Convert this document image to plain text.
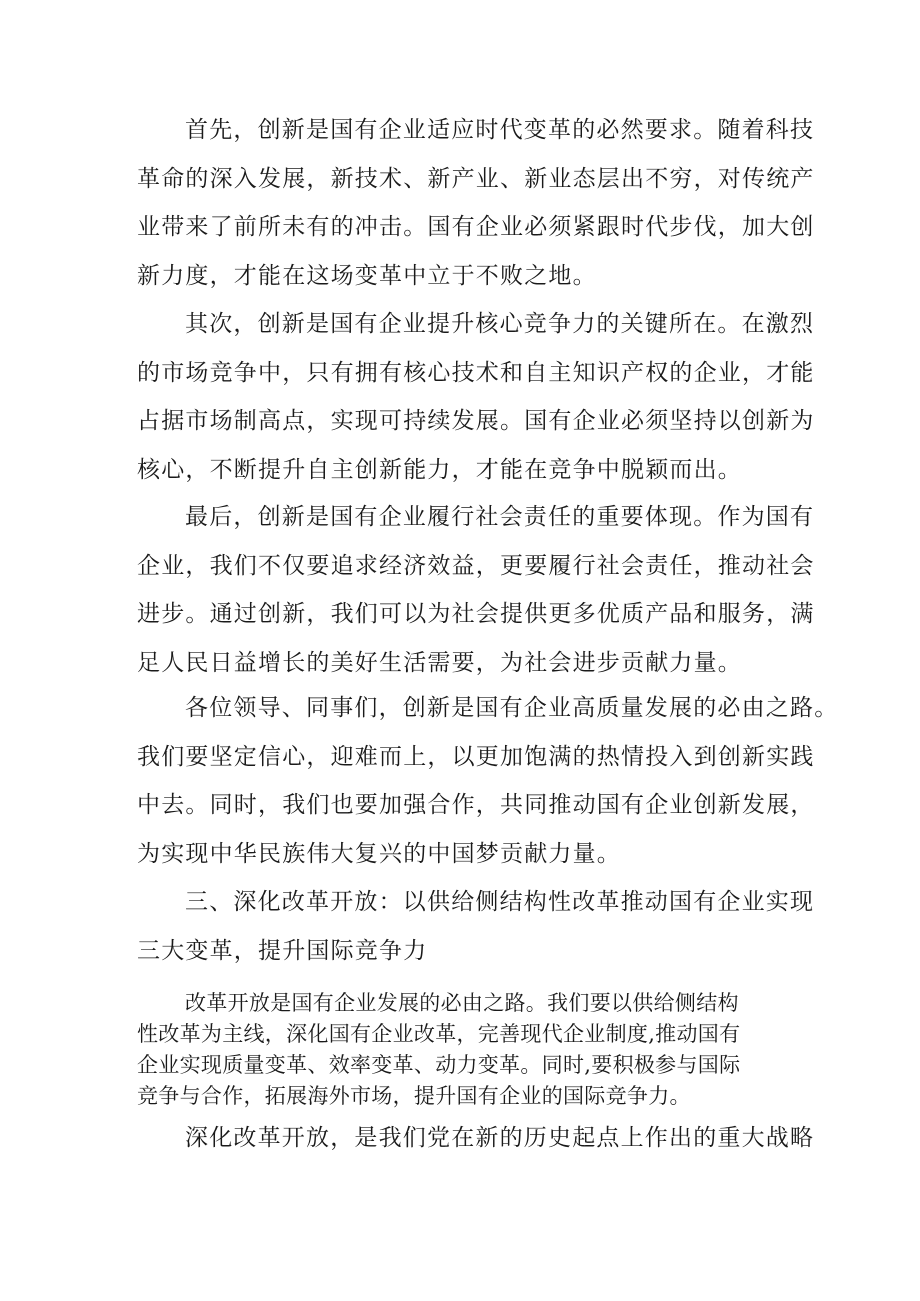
首先，创新是国有企业适应时代变革的必然要求。随着科技
革命的深入发展，新技术、新产业、新业态层出不穷，对传统产
业带来了前所未有的冲击。国有企业必须紧跟时代步伐，加大创
新力度，才能在这场变革中立于不败之地。

其次，创新是国有企业提升核心竞争力的关键所在。在激烈
的市场竞争中，只有拥有核心技术和自主知识产权的企业，才能
占据市场制高点，实现可持续发展。国有企业必须坚持以创新为
核心，不断提升自主创新能力，才能在竞争中脱颖而出。

最后，创新是国有企业履行社会责任的重要体现。作为国有
企业，我们不仅要追求经济效益，更要履行社会责任，推动社会
进步。通过创新，我们可以为社会提供更多优质产品和服务，满
足人民日益增长的美好生活需要，为社会进步贡献力量。

各位领导、同事们，创新是国有企业高质量发展的必由之路。
我们要坚定信心，迎难而上，以更加饱满的热情投入到创新实践
中去。同时，我们也要加强合作，共同推动国有企业创新发展，
为实现中华民族伟大复兴的中国梦贡献力量。

三、深化改革开放：以供给侧结构性改革推动国有企业实现
三大变革，提升国际竞争力

改革开放是国有企业发展的必由之路。我们要以供给侧结构
性改革为主线，深化国有企业改革，完善现代企业制度,推动国有
企业实现质量变革、效率变革、动力变革。同时,要积极参与国际
竞争与合作，拓展海外市场，提升国有企业的国际竞争力。

深化改革开放，是我们党在新的历史起点上作出的重大战略
